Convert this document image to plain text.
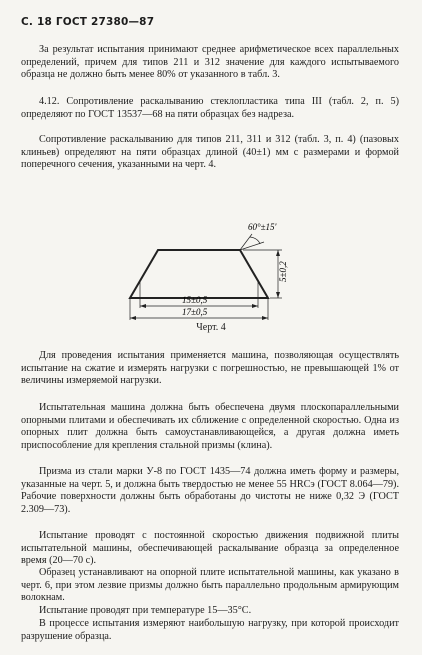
С. 18 ГОСТ 27380—87
За результат испытания принимают среднее арифметическое всех параллельных определений, причем для типов 211 и 312 значение для каждого испытываемого образца не должно быть менее 80% от указанного в табл. 3.
4.12. Сопротивление раскалыванию стеклопластика типа III (табл. 2, п. 5) определяют по ГОСТ 13537—68 на пяти образцах без надреза.
Сопротивление раскалыванию для типов 211, 311 и 312 (табл. 3, п. 4) (пазовых клиньев) определяют на пяти образцах длиной (40±1) мм с размерами и формой поперечного сечения, указанными на черт. 4.
5±0,2
60°±15'
15±0,5
17±0,5
Черт. 4
Для проведения испытания применяется машина, позволяющая осуществлять испытание на сжатие и измерять нагрузки с погрешностью, не превышающей 1% от величины измеряемой нагрузки.
Испытательная машина должна быть обеспечена двумя плоскопараллельными опорными плитами и обеспечивать их сближение с определенной скоростью. Одна из опорных плит должна быть самоустанавливающейся, а другая должна иметь приспособление для крепления стальной призмы (клина).
Призма из стали марки У-8 по ГОСТ 1435—74 должна иметь форму и размеры, указанные на черт. 5, и должна быть твердостью не менее 55 HRCэ (ГОСТ 8.064—79). Рабочие поверхности должны быть обработаны до чистоты не ниже 0,32 Э (ГОСТ 2.309—73).
Испытание проводят с постоянной скоростью движения подвижной плиты испытательной машины, обеспечивающей раскалывание образца за определенное время (20—70 с).
Образец устанавливают на опорной плите испытательной машины, как указано в черт. 6, при этом лезвие призмы должно быть параллельно продольным армирующим волокнам.
Испытание проводят при температуре 15—35°С.
В процессе испытания измеряют наибольшую нагрузку, при которой происходит разрушение образца.
